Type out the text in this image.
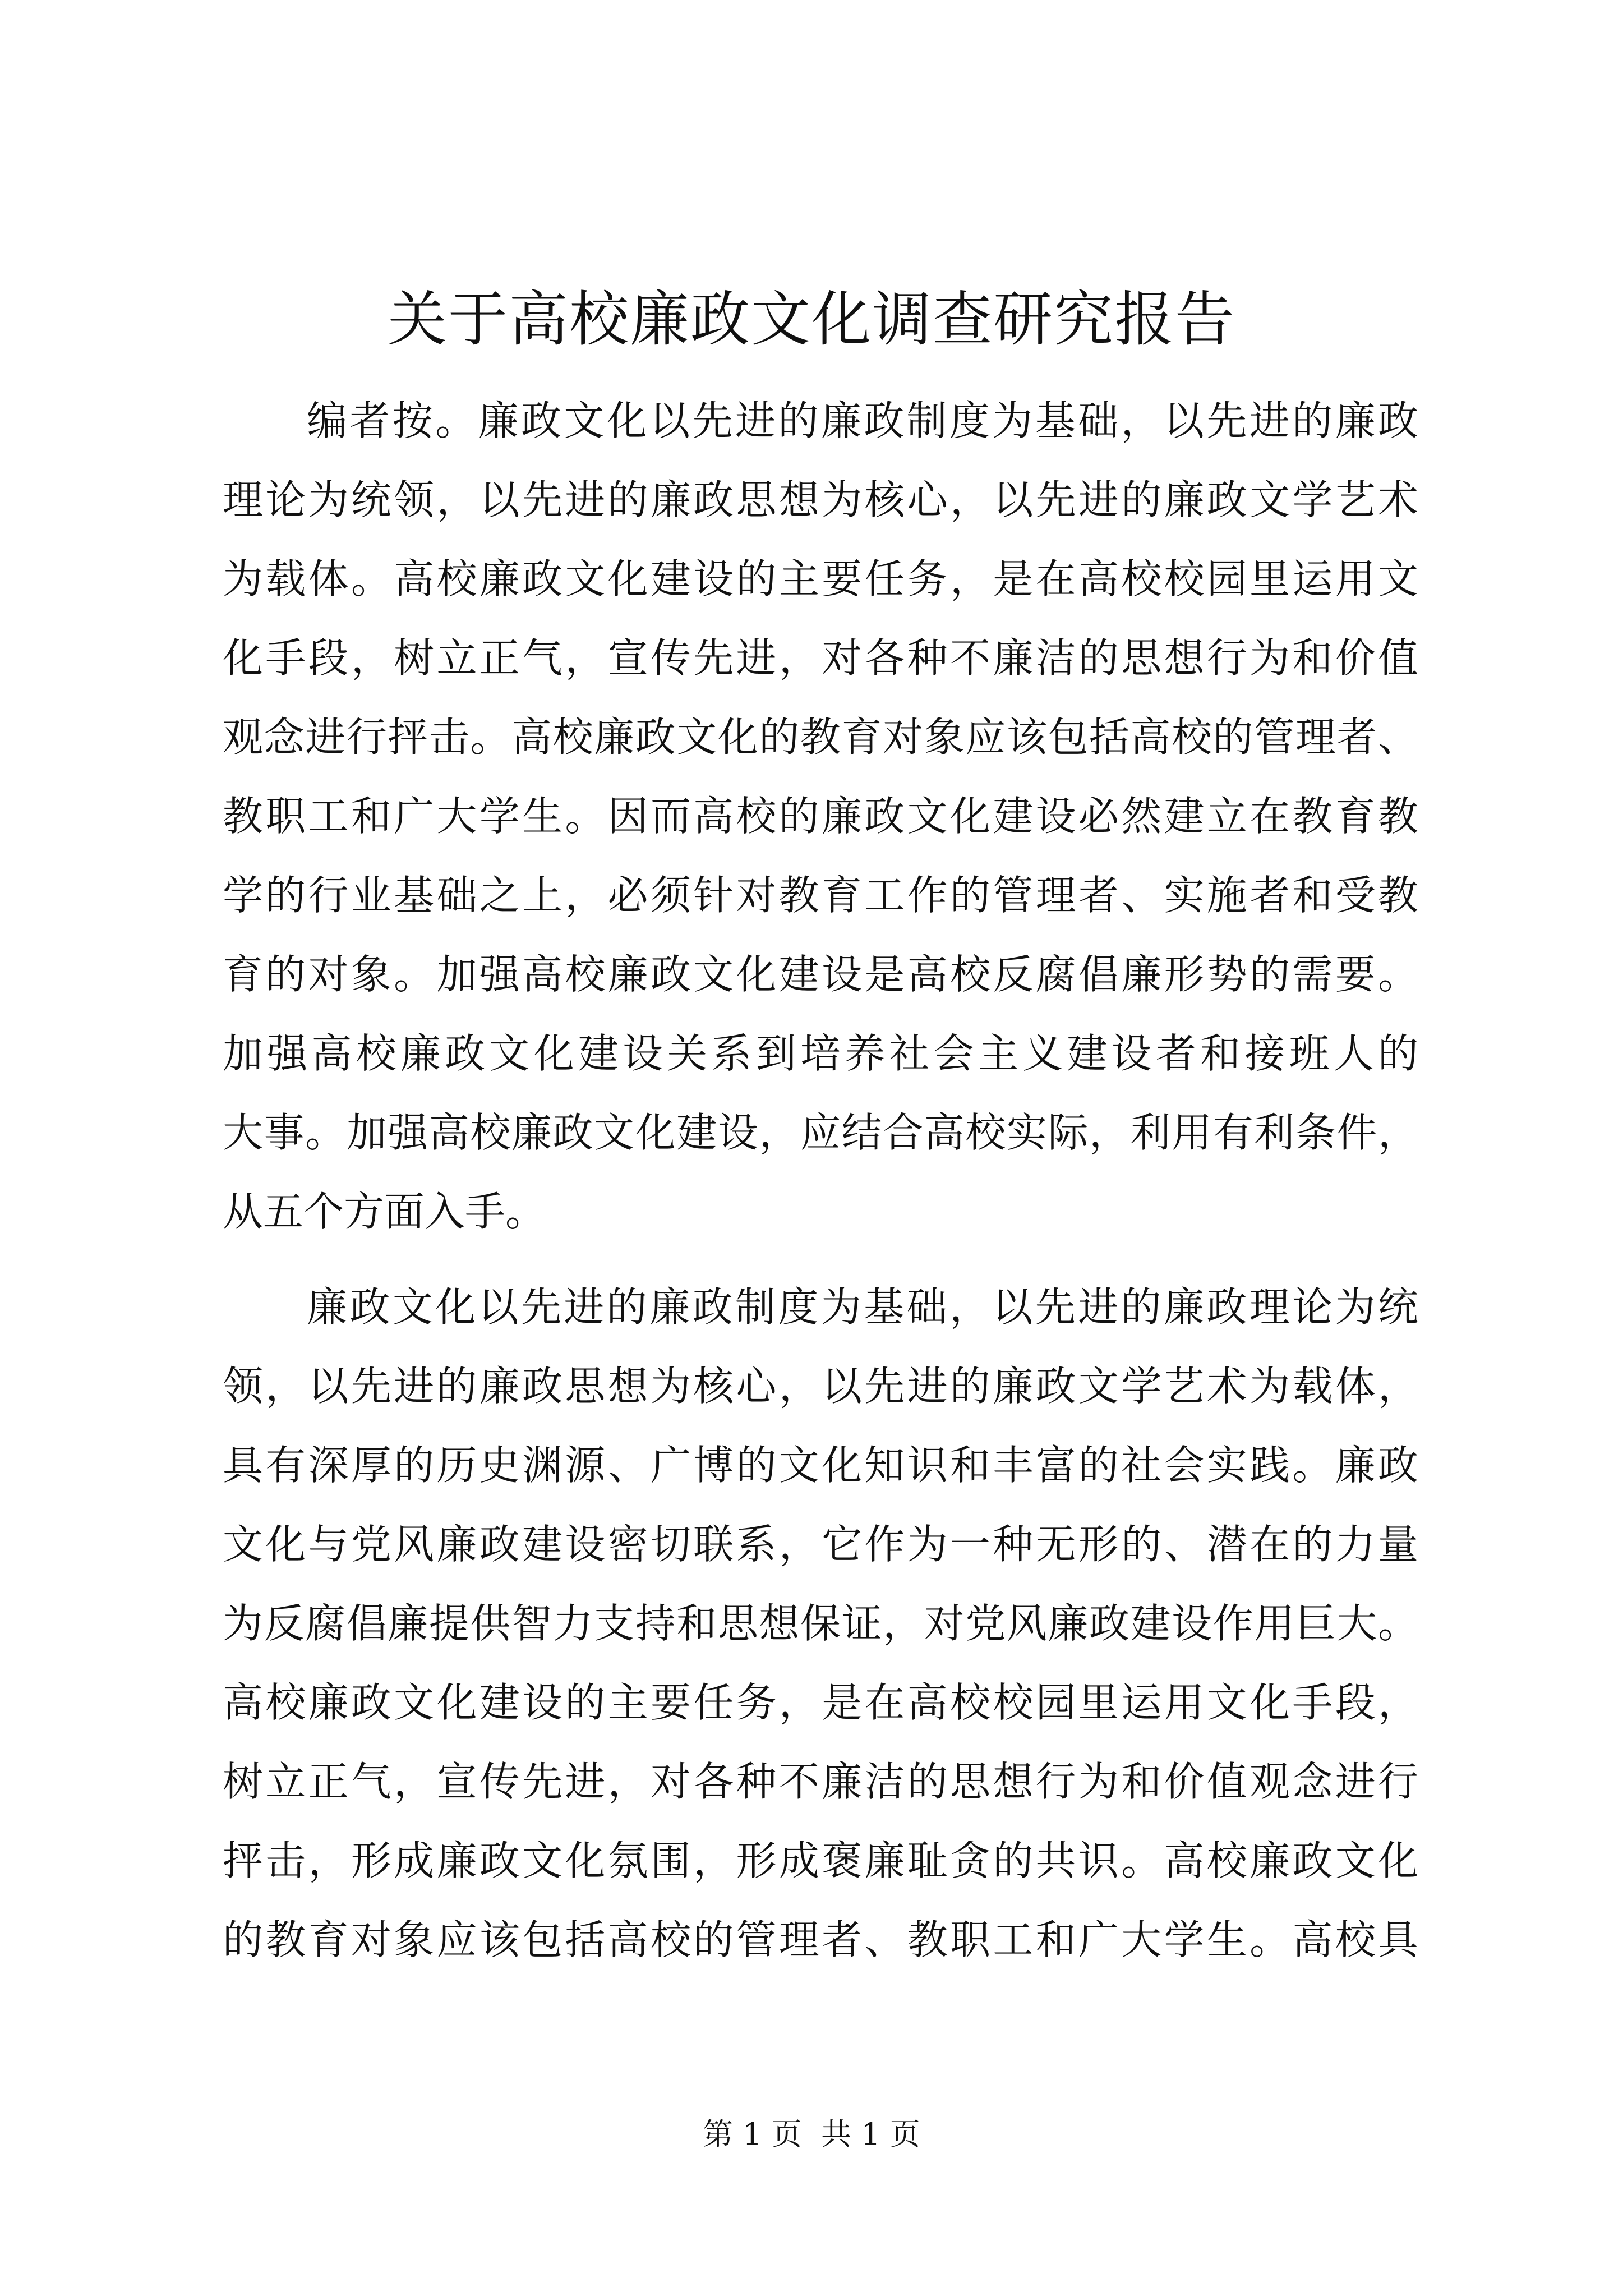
关于高校廉政文化调查研究报告
编者按。廉政文化以先进的廉政制度为基础，以先进的廉政
理论为统领，以先进的廉政思想为核心，以先进的廉政文学艺术
为载体。高校廉政文化建设的主要任务，是在高校校园里运用文
化手段，树立正气，宣传先进，对各种不廉洁的思想行为和价值
观念进行抨击。高校廉政文化的教育对象应该包括高校的管理者、
教职工和广大学生。因而高校的廉政文化建设必然建立在教育教
学的行业基础之上，必须针对教育工作的管理者、实施者和受教
育的对象。加强高校廉政文化建设是高校反腐倡廉形势的需要。
加强高校廉政文化建设关系到培养社会主义建设者和接班人的
大事。加强高校廉政文化建设，应结合高校实际，利用有利条件，
从五个方面入手。
廉政文化以先进的廉政制度为基础，以先进的廉政理论为统
领，以先进的廉政思想为核心，以先进的廉政文学艺术为载体，
具有深厚的历史渊源、广博的文化知识和丰富的社会实践。廉政
文化与党风廉政建设密切联系，它作为一种无形的、潜在的力量
为反腐倡廉提供智力支持和思想保证，对党风廉政建设作用巨大。
高校廉政文化建设的主要任务，是在高校校园里运用文化手段，
树立正气，宣传先进，对各种不廉洁的思想行为和价值观念进行
抨击，形成廉政文化氛围，形成褒廉耻贪的共识。高校廉政文化
的教育对象应该包括高校的管理者、教职工和广大学生。高校具
第 1 页  共 1 页
